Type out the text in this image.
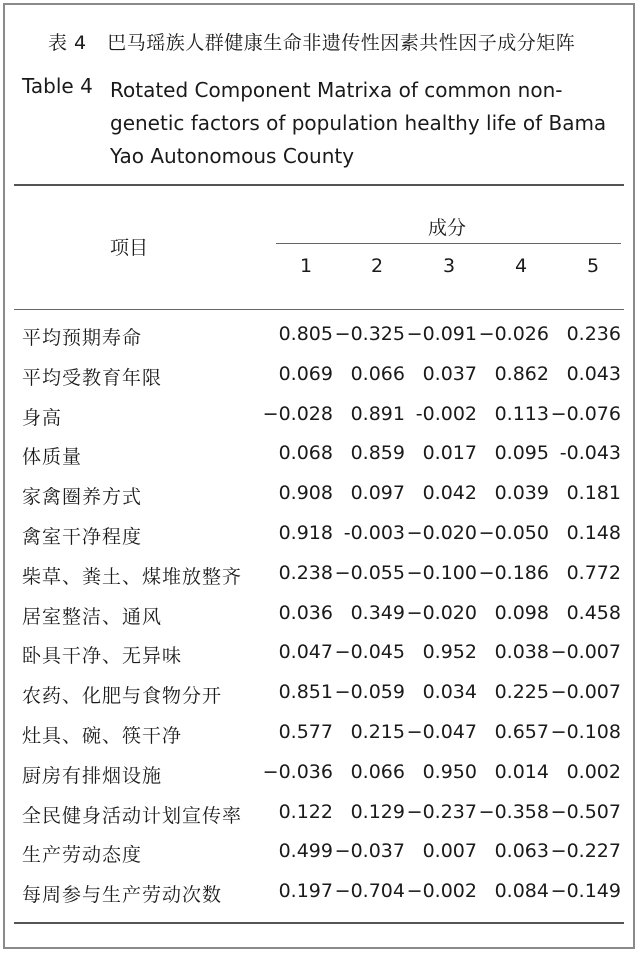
表 4 巴马瑶族人群健康生命非遗传性因素共性因子成分矩阵
Table 4 Rotated Component Matrixa of common non-genetic factors of population healthy life of Bama Yao Autonomous County
项目
成分
1	2	3	4	5
平均预期寿命	0.805 −0.325 −0.091 −0.026 0.236
平均受教育年限	0.069 0.066 0.037 0.862 0.043
身高	−0.028 0.891 -0.002 0.113 −0.076
体质量	0.068 0.859 0.017 0.095 -0.043
家禽圈养方式	0.908 0.097 0.042 0.039 0.181
禽室干净程度	0.918 -0.003 −0.020 −0.050 0.148
柴草、粪土、煤堆放整齐	0.238 −0.055 −0.100 −0.186 0.772
居室整洁、通风	0.036 0.349 −0.020 0.098 0.458
卧具干净、无异味	0.047 −0.045 0.952 0.038 −0.007
农药、化肥与食物分开	0.851 −0.059 0.034 0.225 −0.007
灶具、碗、筷干净	0.577 0.215 −0.047 0.657 −0.108
厨房有排烟设施	−0.036 0.066 0.950 0.014 0.002
全民健身活动计划宣传率	0.122 0.129 −0.237 −0.358 −0.507
生产劳动态度	0.499 −0.037 0.007 0.063 −0.227
每周参与生产劳动次数	0.197 −0.704 −0.002 0.084 −0.149
